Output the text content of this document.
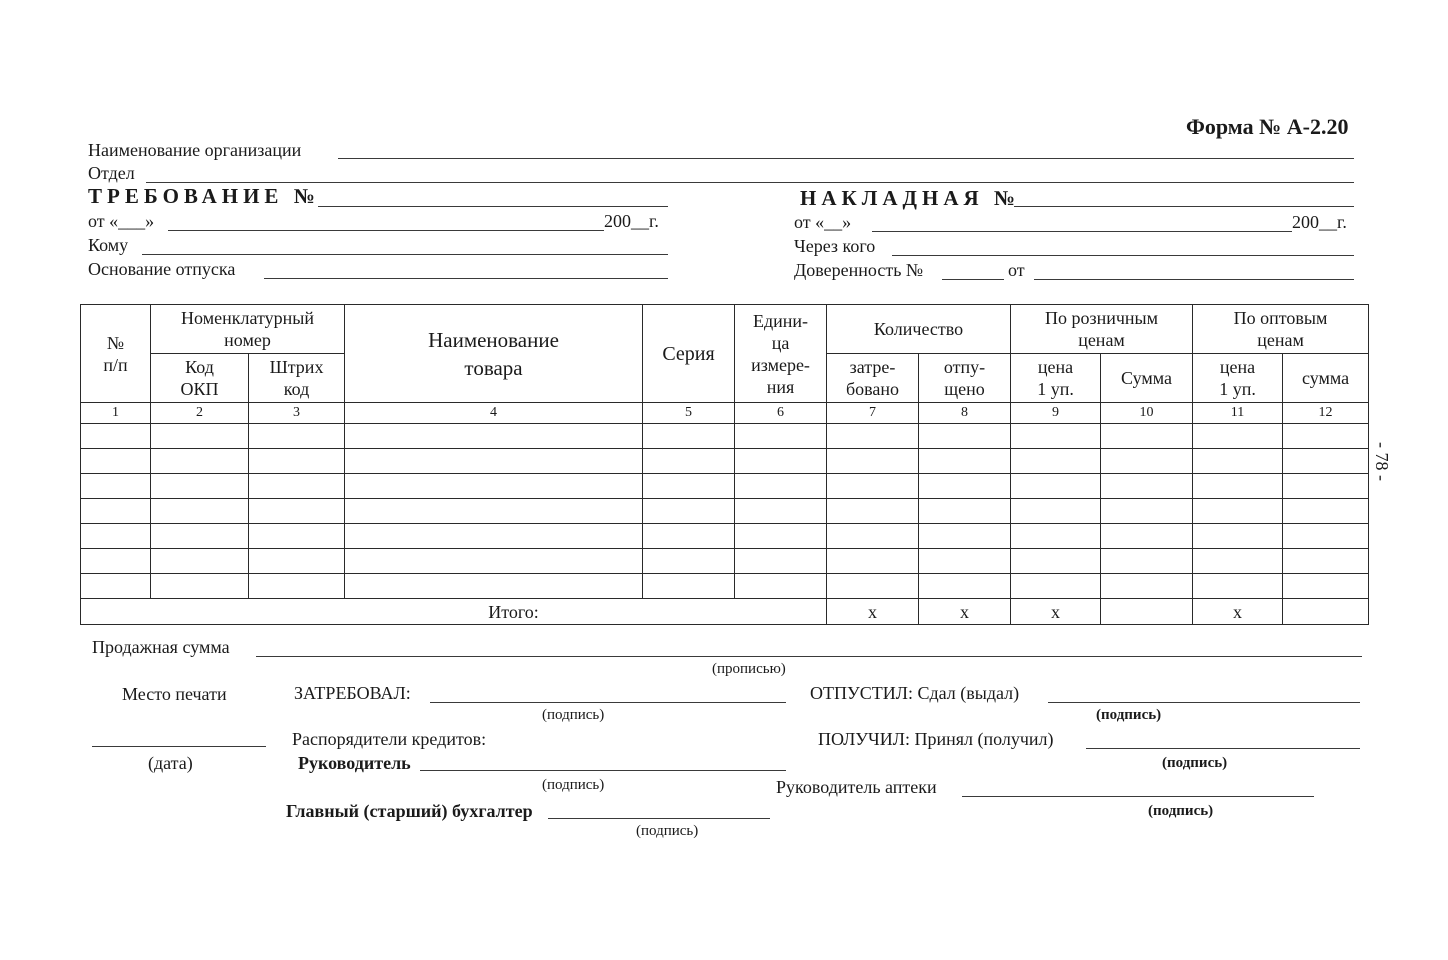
Форма № А-2.20
- 78 -
Наименование организации
Отдел
ТРЕБОВАНИЕ №
от «___»	200__г.
Кому
Основание отпуска
НАКЛАДНАЯ №
от «__»	200__г.
Через кого
Доверенность №	от
№ п/п	Номенклатурный номер		Наименование товара	Серия	Едини-ца измере-ния	Количество		По розничным ценам		По оптовым ценам	
	Код ОКП	Штрих код				затре-бовано	отпу-щено	цена 1 уп.	Сумма	цена 1 уп.	сумма
1	2	3	4	5	6	7	8	9	10	11	12

Итого:						x	x	x		x	
Продажная сумма
(прописью)
Место печати
(дата)
ЗАТРЕБОВАЛ:
(подпись)
ОТПУСТИЛ: Сдал (выдал)
(подпись)
Распорядители кредитов:	ПОЛУЧИЛ: Принял (получил)
(подпись)
Руководитель
(подпись)	Руководитель аптеки
(подпись)
Главный (старший) бухгалтер
(подпись)
